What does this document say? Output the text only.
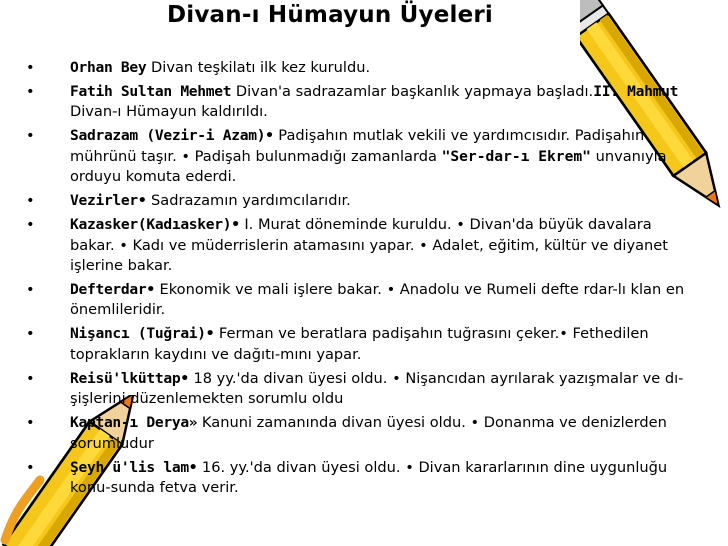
Divan-ı Hümayun Üyeleri
• Orhan Bey Divan teşkilatı ilk kez kuruldu.
• Fatih Sultan Mehmet Divan'a sadrazamlar başkanlık yapmaya başladı.II. Mahmut Divan-ı Hümayun kaldırıldı.
• Sadrazam (Vezir-i Azam)• Padişahın mutlak vekili ve yardımcısıdır. Padişahın mührünü taşır. • Padişah bulunmadığı zamanlarda "Ser-dar-ı Ekrem" unvanıyla orduyu komuta ederdi.
• Vezirler• Sadrazamın yardımcılarıdır.
• Kazasker(Kadıasker)• I. Murat döneminde kuruldu. • Divan'da büyük davalara bakar. • Kadı ve müderrislerin atamasını yapar. • Adalet, eğitim, kültür ve diyanet işlerine bakar.
• Defterdar• Ekonomik ve mali işlere bakar. • Anadolu ve Rumeli defte rdar-lı klan en önemlileridir.
• Nişancı (Tuğrai)• Ferman ve beratlara padişahın tuğrasını çeker.• Fethedilen toprakların kaydını ve dağıtı-mını yapar.
• Reisü'lküttap• 18 yy.'da divan üyesi oldu. • Nişancıdan ayrılarak yazışmalar ve dı-şişlerini düzenlemekten sorumlu oldu
• Kaptan-ı Derya» Kanuni zamanında divan üyesi oldu. • Donanma ve denizlerden sorumludur
• Şeyh ü'lis lam• 16. yy.'da divan üyesi oldu. • Divan kararlarının dine uygunluğu konu-sunda fetva verir.
